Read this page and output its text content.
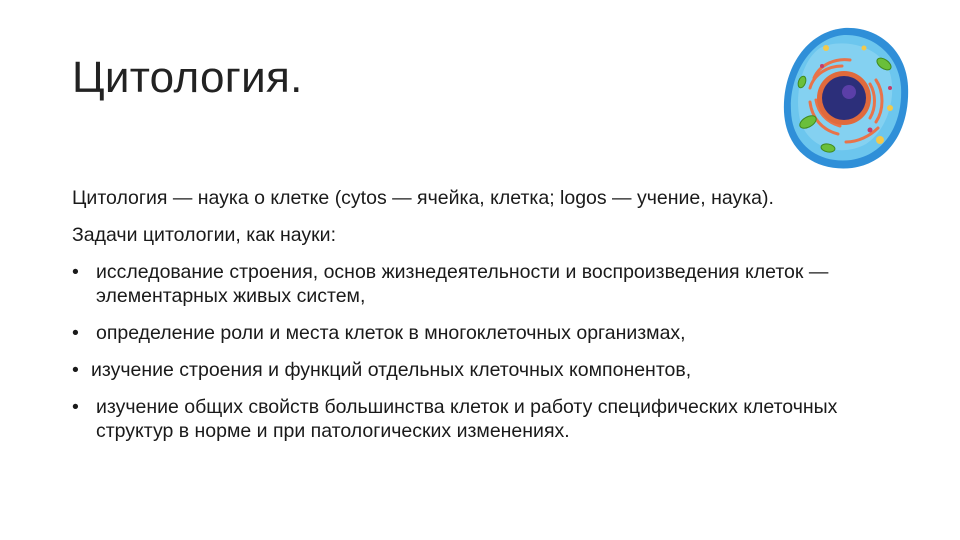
Цитология.

Цитология — наука о клетке (cytos — ячейка, клетка; logos — учение, наука).

Задачи цитологии, как науки:

• исследование строения, основ жизнедеятельности и воспроизведения клеток — элементарных живых систем,
• определение роли и места клеток в многоклеточных организмах,
• изучение строения и функций отдельных клеточных компонентов,
• изучение общих свойств большинства клеток и работу специфических клеточных структур в норме и при патологических изменениях.
